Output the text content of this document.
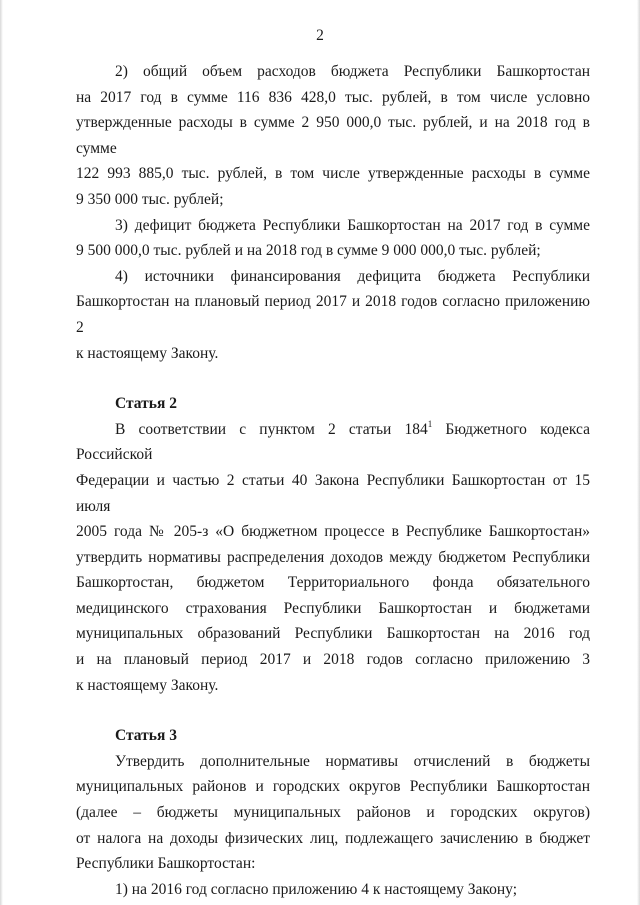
2

2) общий объем расходов бюджета Республики Башкортостан
на 2017 год в сумме 116 836 428,0 тыс. рублей, в том числе условно
утвержденные расходы в сумме 2 950 000,0 тыс. рублей, и на 2018 год в сумме
122 993 885,0 тыс. рублей, в том числе утвержденные расходы в сумме
9 350 000 тыс. рублей;

3) дефицит бюджета Республики Башкортостан на 2017 год в сумме
9 500 000,0 тыс. рублей и на 2018 год в сумме 9 000 000,0 тыс. рублей;

4) источники финансирования дефицита бюджета Республики
Башкортостан на плановый период 2017 и 2018 годов согласно приложению 2
к настоящему Закону.

Статья 2

В соответствии с пунктом 2 статьи $184^1$ Бюджетного кодекса Российской
Федерации и частью 2 статьи 40 Закона Республики Башкортостан от 15 июля
2005 года № 205-з «О бюджетном процессе в Республике Башкортостан»
утвердить нормативы распределения доходов между бюджетом Республики
Башкортостан, бюджетом Территориального фонда обязательного
медицинского страхования Республики Башкортостан и бюджетами
муниципальных образований Республики Башкортостан на 2016 год
и на плановый период 2017 и 2018 годов согласно приложению 3
к настоящему Закону.

Статья 3

Утвердить дополнительные нормативы отчислений в бюджеты
муниципальных районов и городских округов Республики Башкортостан
(далее – бюджеты муниципальных районов и городских округов)
от налога на доходы физических лиц, подлежащего зачислению в бюджет
Республики Башкортостан:

1) на 2016 год согласно приложению 4 к настоящему Закону;
